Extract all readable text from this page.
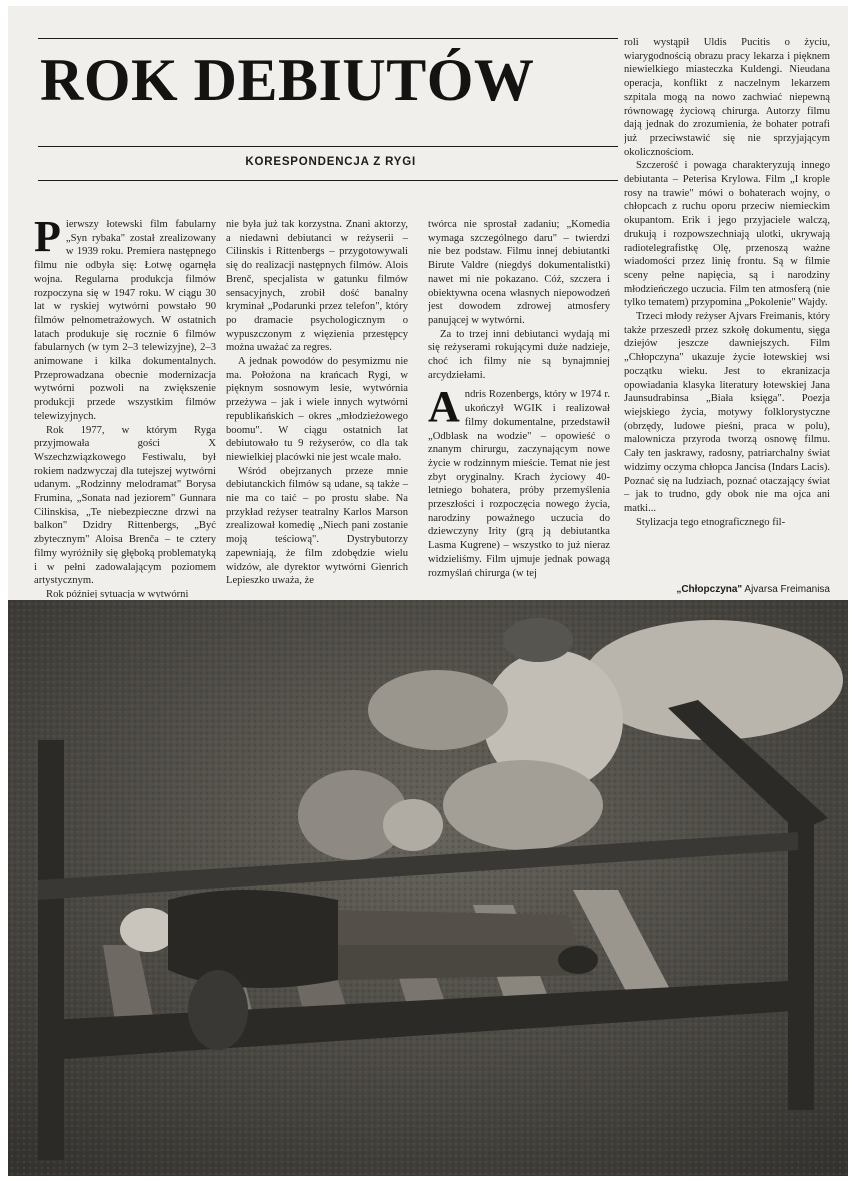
ROK DEBIUTÓW
KORESPONDENCJA Z RYGI

Pierwszy łotewski film fabularny „Syn rybaka" został zrealizowany w 1939 roku. Premiera następnego filmu nie odbyła się: Łotwę ogarnęła wojna. Regularna produkcja filmów rozpoczyna się w 1947 roku. W ciągu 30 lat w ryskiej wytwórni powstało 90 filmów pełnometrażowych. W ostatnich latach produkuje się rocznie 6 filmów fabularnych (w tym 2–3 telewizyjne), 2–3 animowane i kilka dokumentalnych. Przeprowadzana obecnie modernizacja wytwórni pozwoli na zwiększenie produkcji przede wszystkim filmów telewizyjnych.

Rok 1977, w którym Ryga przyjmowała gości X Wszechzwiązkowego Festiwalu, był rokiem nadzwyczaj dla tutejszej wytwórni udanym. „Rodzinny melodramat" Borysa Frumina, „Sonata nad jeziorem" Gunnara Cilinskisa, „Te niebezpieczne drzwi na balkon" Dzidry Rittenbergs, „Być zbytecznym" Aloisa Brenča – te cztery filmy wyróżniły się głęboką problematyką i w pełni zadowalającym poziomem artystycznym.

Rok później sytuacja w wytwórni

nie była już tak korzystna. Znani aktorzy, a niedawni debiutanci w reżyserii – Cilinskis i Rittenbergs – przygotowywali się do realizacji następnych filmów. Alois Brenč, specjalista w gatunku filmów sensacyjnych, zrobił dość banalny kryminał „Podarunki przez telefon", który po dramacie psychologicznym o wypuszczonym z więzienia przestępcy można uważać za regres.

A jednak powodów do pesymizmu nie ma. Położona na krańcach Rygi, w pięknym sosnowym lesie, wytwórnia przeżywa – jak i wiele innych wytwórni republikańskich – okres „młodzieżowego boomu". W ciągu ostatnich lat debiutowało tu 9 reżyserów, co dla tak niewielkiej placówki nie jest wcale mało.

Wśród obejrzanych przeze mnie debiutanckich filmów są udane, są także – nie ma co taić – po prostu słabe. Na przykład reżyser teatralny Karlos Marson zrealizował komedię „Niech pani zostanie moją teściową". Dystrybutorzy zapewniają, że film zdobędzie wielu widzów, ale dyrektor wytwórni Gienrich Lepieszko uważa, że

twórca nie sprostał zadaniu; „Komedia wymaga szczególnego daru" – twierdzi nie bez podstaw. Filmu innej debiutantki Birute Valdre (niegdyś dokumentalistki) nawet mi nie pokazano. Cóż, szczera i obiektywna ocena własnych niepowodzeń jest dowodem zdrowej atmosfery panującej w wytwórni.

Za to trzej inni debiutanci wydają mi się reżyserami rokującymi duże nadzieje, choć ich filmy nie są bynajmniej arcydziełami.

Andris Rozenbergs, który w 1974 r. ukończył WGIK i realizował filmy dokumentalne, przedstawił „Odblask na wodzie" – opowieść o znanym chirurgu, zaczynającym nowe życie w rodzinnym mieście. Temat nie jest zbyt oryginalny. Krach życiowy 40-letniego bohatera, próby przemyślenia przeszłości i rozpoczęcia nowego życia, narodziny poważnego uczucia do dziewczyny Irity (grą ją debiutantka Lasma Kugrene) – wszystko to już nieraz widzieliśmy. Film ujmuje jednak powagą rozmyślań chirurga (w tej

roli wystąpił Uldis Pucitis o życiu, wiarygodnością obrazu pracy lekarza i pięknem niewielkiego miasteczka Kuldengi. Nieudana operacja, konflikt z naczelnym lekarzem szpitala mogą na nowo zachwiać niepewną równowagę życiową chirurga. Autorzy filmu dają jednak do zrozumienia, że bohater potrafi już przeciwstawić się nie sprzyjającym okolicznościom.

Szczerość i powaga charakteryzują innego debiutanta – Peterisa Krylowa. Film „I krople rosy na trawie" mówi o bohaterach wojny, o chłopcach z ruchu oporu przeciw niemieckim okupantom. Erik i jego przyjaciele walczą, drukują i rozpowszechniają ulotki, ukrywają radiotelegrafistkę Olę, przenoszą ważne wiadomości przez linię frontu. Są w filmie sceny pełne napięcia, są i narodziny młodzieńczego uczucia. Film ten atmosferą (nie tylko tematem) przypomina „Pokolenie" Wajdy.

Trzeci młody reżyser Ajvars Freimanis, który także przeszedł przez szkołę dokumentu, sięga dziejów jeszcze dawniejszych. Film „Chłopczyna" ukazuje życie łotewskiej wsi początku wieku. Jest to ekranizacja opowiadania klasyka literatury łotewskiej Jana Jaunsudrabinsa „Biała księga". Poezja wiejskiego życia, motywy folklorystyczne (obrzędy, ludowe pieśni, praca w polu), malownicza przyroda tworzą osnowę filmu. Cały ten jaskrawy, radosny, patriarchalny świat widzimy oczyma chłopca Jancisa (Indars Lacis). Poznać się na ludziach, poznać otaczający świat – jak to trudno, gdy obok nie ma ojca ani matki...

Stylizacja tego etnograficznego fil-

„Chłopczyna" Ajvarsa Freimanisa
